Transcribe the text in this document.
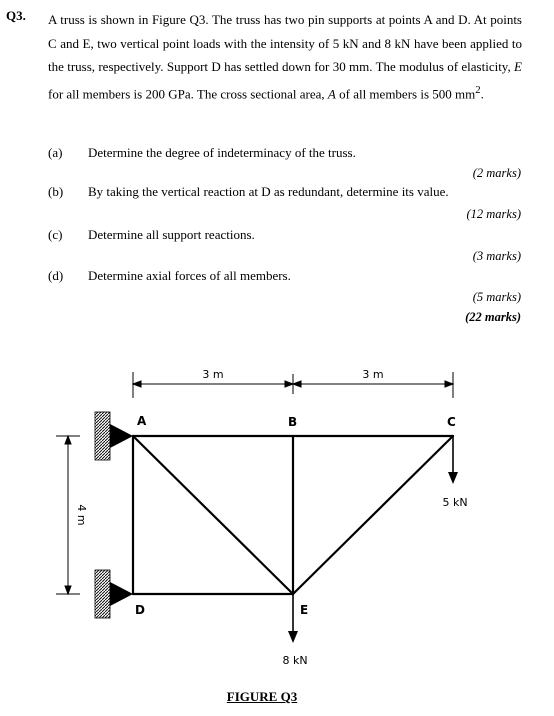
Q3. A truss is shown in Figure Q3. The truss has two pin supports at points A and D. At points C and E, two vertical point loads with the intensity of 5 kN and 8 kN have been applied to the truss, respectively. Support D has settled down for 30 mm. The modulus of elasticity, E for all members is 200 GPa. The cross sectional area, A of all members is 500 $mm^2$.
(a) Determine the degree of indeterminacy of the truss.
(2 marks)
(b) By taking the vertical reaction at D as redundant, determine its value.
(12 marks)
(c) Determine all support reactions.
(3 marks)
(d) Determine axial forces of all members.
(5 marks)
(22 marks)
3 m	3 m
4 m
A	B	C
D	E
5 kN
8 kN
FIGURE Q3
